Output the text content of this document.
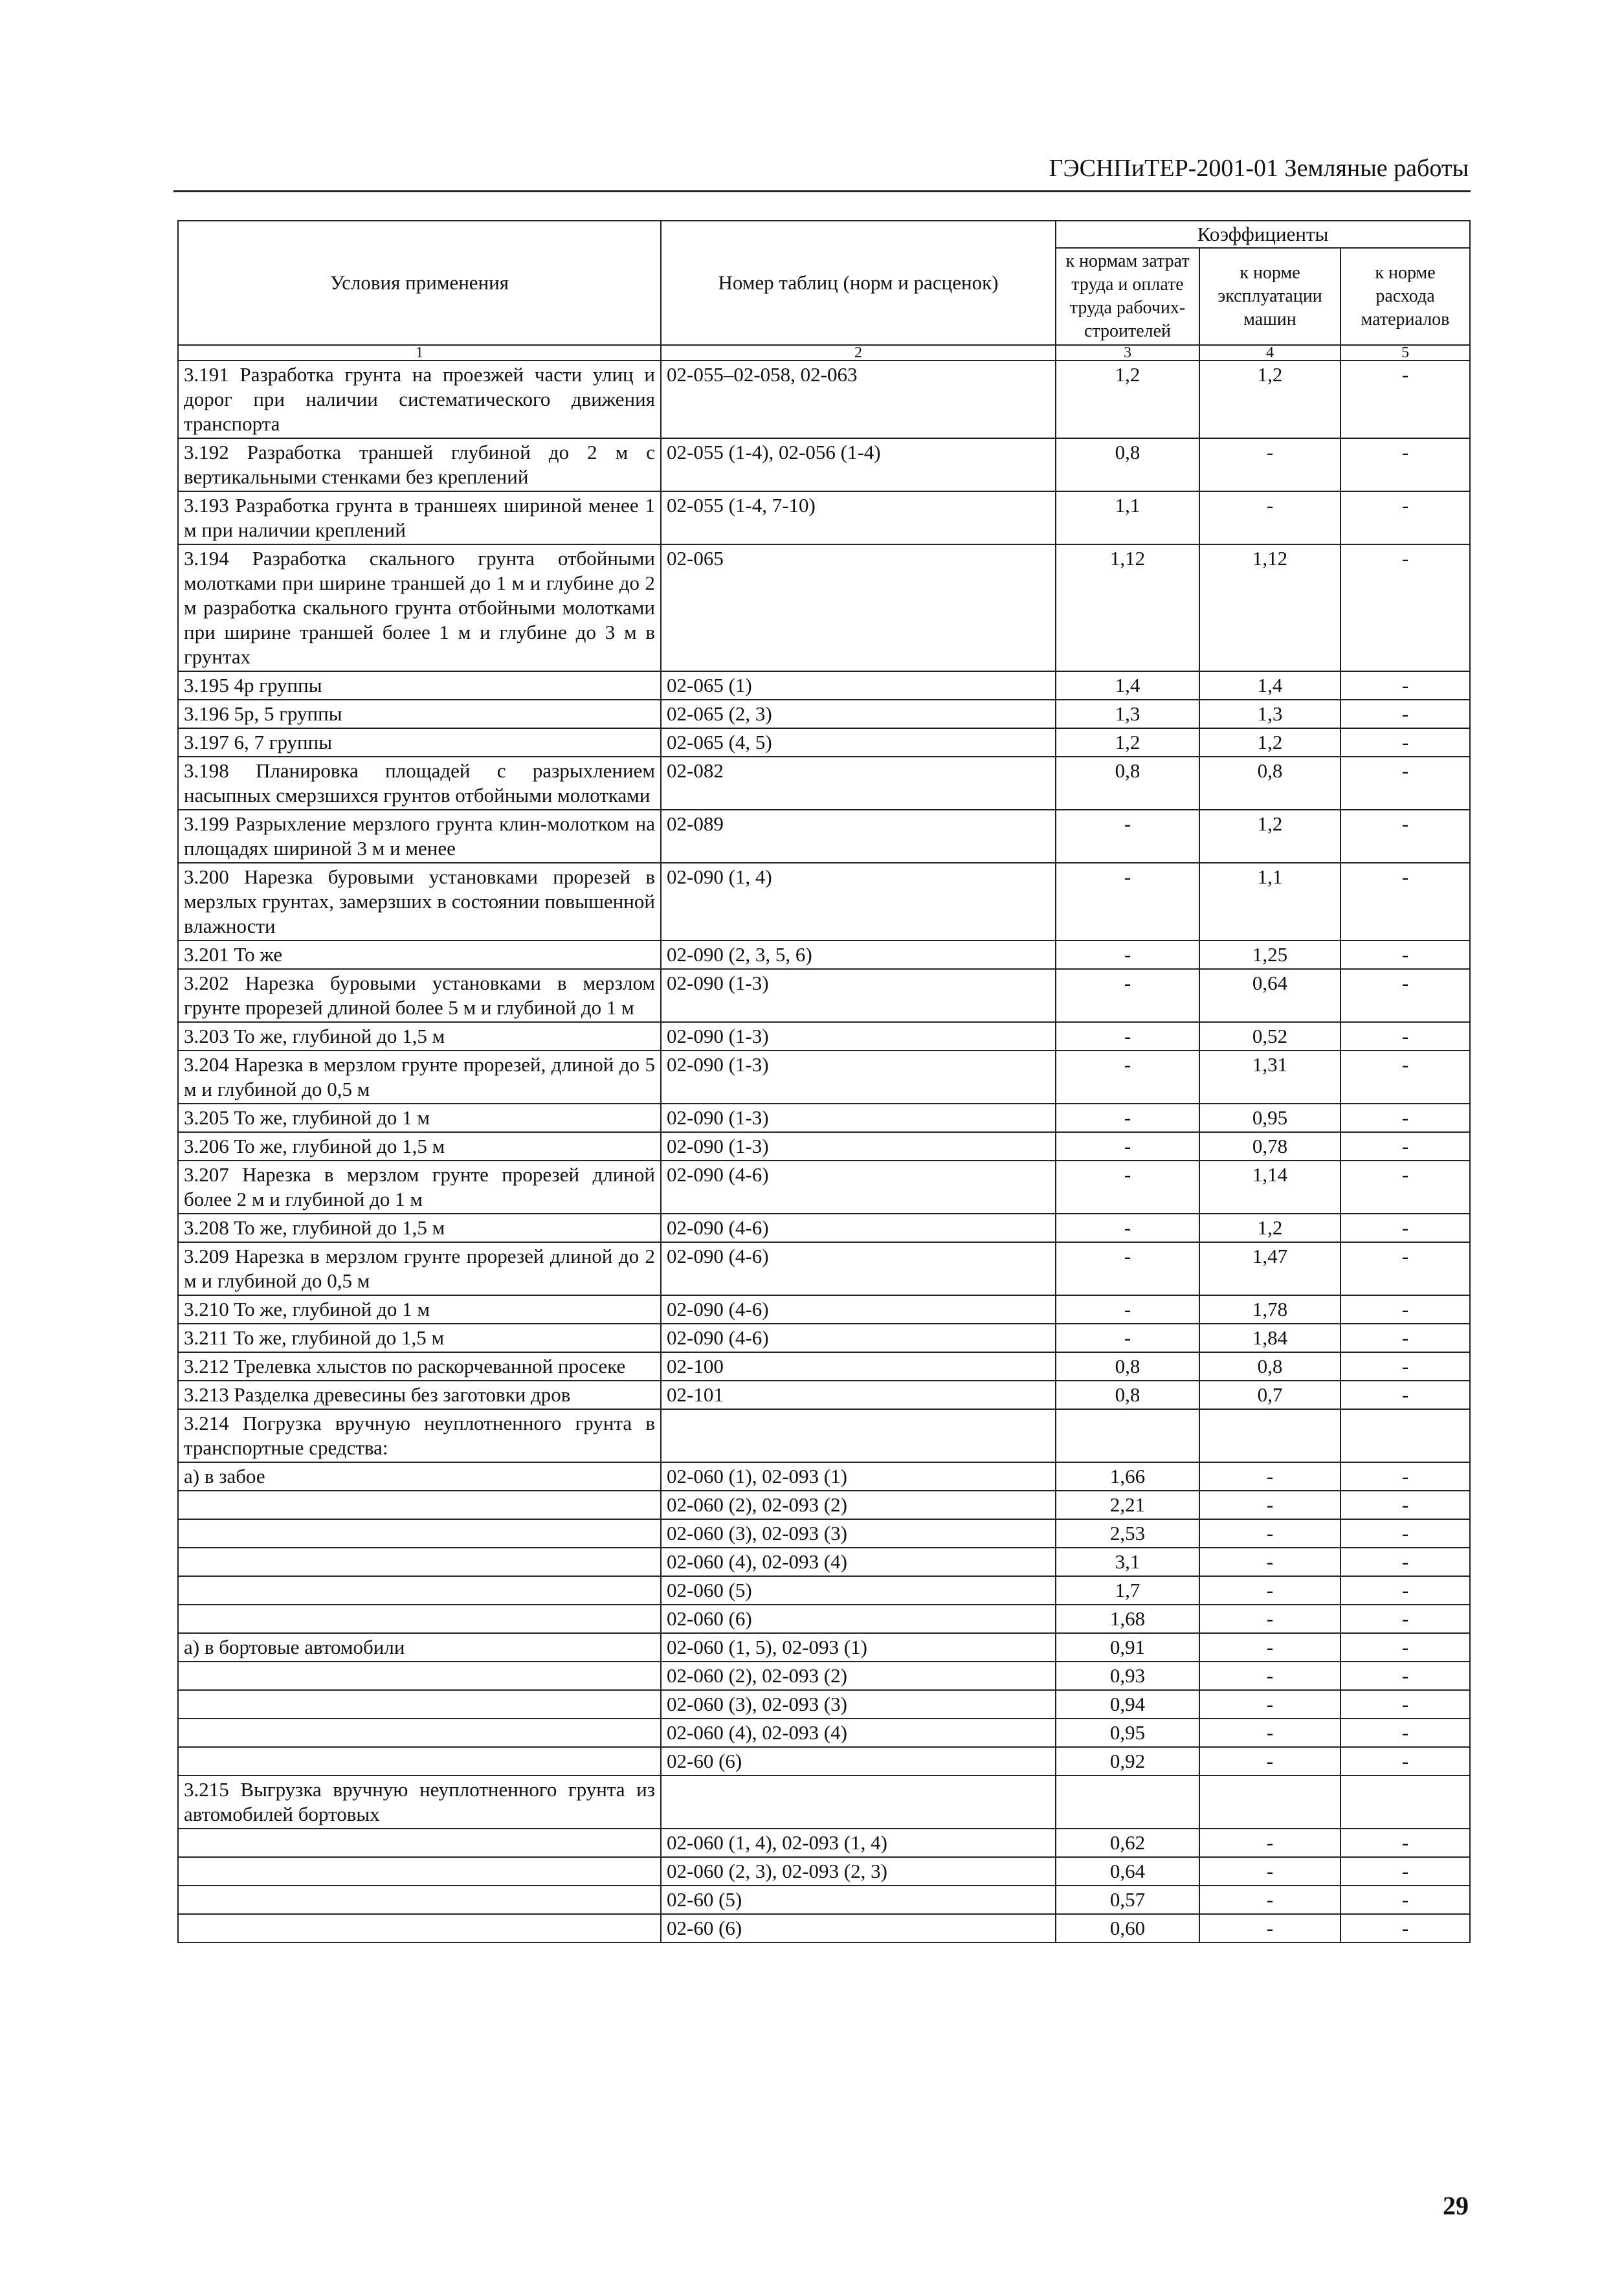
ГЭСНПиТЕР-2001-01 Земляные работы
Условия применения	Номер таблиц (норм и расценок)	Коэффициенты		
		к нормам затрат труда и оплате труда рабочих-строителей	к норме эксплуатации машин	к норме расхода материалов
1	2	3	4	5
3.191 Разработка грунта на проезжей части улиц и дорог при наличии систематического движения транспорта	02-055–02-058, 02-063	1,2	1,2	-
3.192 Разработка траншей глубиной до 2 м с вертикальными стенками без креплений	02-055 (1-4), 02-056 (1-4)	0,8	-	-
3.193 Разработка грунта в траншеях шириной менее 1 м при наличии креплений	02-055 (1-4, 7-10)	1,1	-	-
3.194 Разработка скального грунта отбойными молотками при ширине траншей до 1 м и глубине до 2 м разработка скального грунта отбойными молотками при ширине траншей более 1 м и глубине до 3 м в грунтах	02-065	1,12	1,12	-
3.195 4р группы	02-065 (1)	1,4	1,4	-
3.196 5р, 5 группы	02-065 (2, 3)	1,3	1,3	-
3.197 6, 7 группы	02-065 (4, 5)	1,2	1,2	-
3.198 Планировка площадей с разрыхлением насыпных смерзшихся грунтов отбойными молотками	02-082	0,8	0,8	-
3.199 Разрыхление мерзлого грунта клин-молотком на площадях шириной 3 м и менее	02-089	-	1,2	-
3.200 Нарезка буровыми установками прорезей в мерзлых грунтах, замерзших в состоянии повышенной влажности	02-090 (1, 4)	-	1,1	-
3.201 То же	02-090 (2, 3, 5, 6)	-	1,25	-
3.202 Нарезка буровыми установками в мерзлом грунте прорезей длиной более 5 м и глубиной до 1 м	02-090 (1-3)	-	0,64	-
3.203 То же, глубиной до 1,5 м	02-090 (1-3)	-	0,52	-
3.204 Нарезка в мерзлом грунте прорезей, длиной до 5 м и глубиной до 0,5 м	02-090 (1-3)	-	1,31	-
3.205 То же, глубиной до 1 м	02-090 (1-3)	-	0,95	-
3.206 То же, глубиной до 1,5 м	02-090 (1-3)	-	0,78	-
3.207 Нарезка в мерзлом грунте прорезей длиной более 2 м и глубиной до 1 м	02-090 (4-6)	-	1,14	-
3.208 То же, глубиной до 1,5 м	02-090 (4-6)	-	1,2	-
3.209 Нарезка в мерзлом грунте прорезей длиной до 2 м и глубиной до 0,5 м	02-090 (4-6)	-	1,47	-
3.210 То же, глубиной до 1 м	02-090 (4-6)	-	1,78	-
3.211 То же, глубиной до 1,5 м	02-090 (4-6)	-	1,84	-
3.212 Трелевка хлыстов по раскорчеванной просеке	02-100	0,8	0,8	-
3.213 Разделка древесины без заготовки дров	02-101	0,8	0,7	-
3.214 Погрузка вручную неуплотненного грунта в транспортные средства:				
а) в забое	02-060 (1), 02-093 (1)	1,66	-	-
	02-060 (2), 02-093 (2)	2,21	-	-
	02-060 (3), 02-093 (3)	2,53	-	-
	02-060 (4), 02-093 (4)	3,1	-	-
	02-060 (5)	1,7	-	-
	02-060 (6)	1,68	-	-
а) в бортовые автомобили	02-060 (1, 5), 02-093 (1)	0,91	-	-
	02-060 (2), 02-093 (2)	0,93	-	-
	02-060 (3), 02-093 (3)	0,94	-	-
	02-060 (4), 02-093 (4)	0,95	-	-
	02-60 (6)	0,92	-	-
3.215 Выгрузка вручную неуплотненного грунта из автомобилей бортовых				
	02-060 (1, 4), 02-093 (1, 4)	0,62	-	-
	02-060 (2, 3), 02-093 (2, 3)	0,64	-	-
	02-60 (5)	0,57	-	-
	02-60 (6)	0,60	-	-
29
